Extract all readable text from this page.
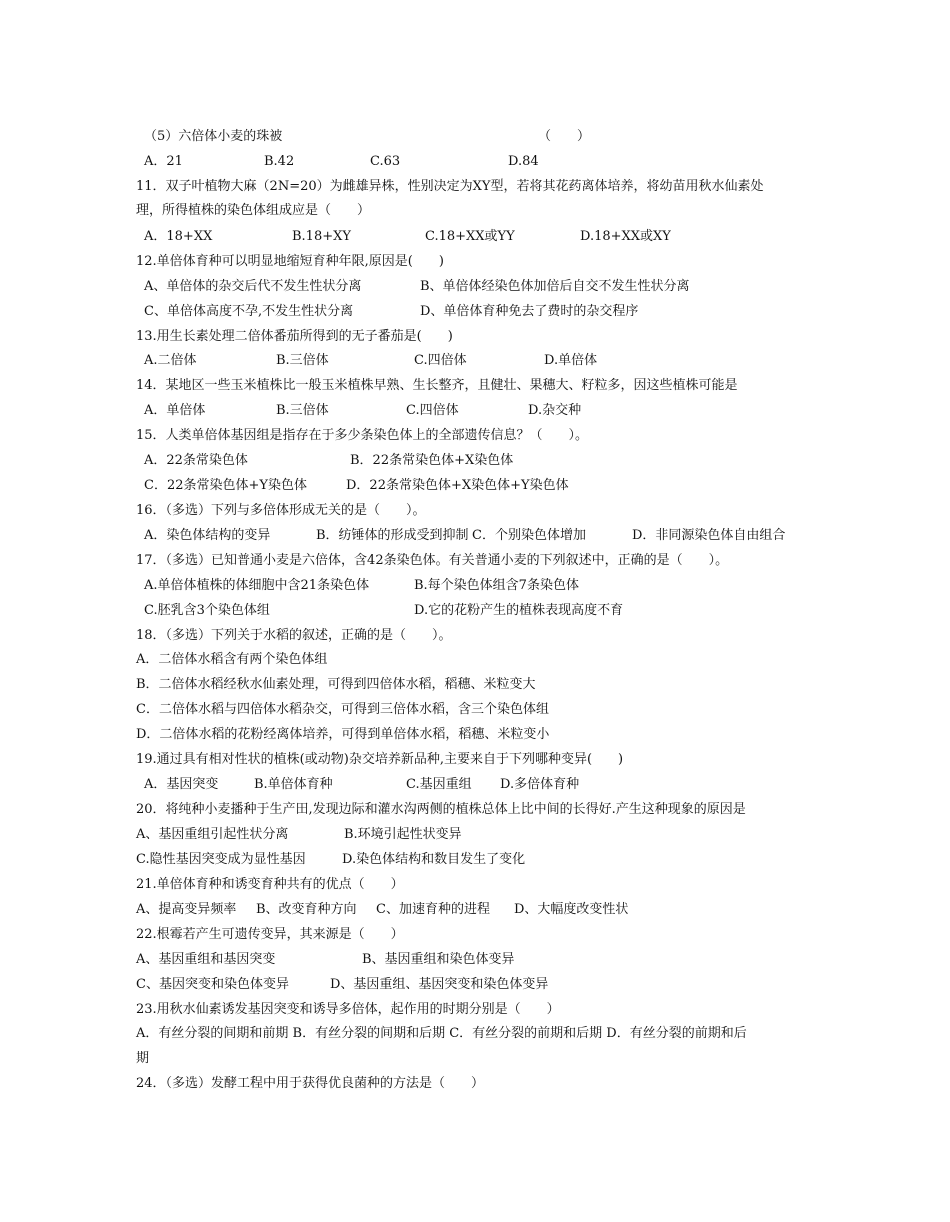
（5）六倍体小麦的珠被	（　　）
A．21	B.42	C.63	D.84
11．双子叶植物大麻（2N=20）为雌雄异株，性别决定为XY型，若将其花药离体培养，将幼苗用秋水仙素处
理，所得植株的染色体组成应是（　　）
A．18+XX	B.18+XY	C.18+XX或YY	D.18+XX或XY
12.单倍体育种可以明显地缩短育种年限,原因是(　　)
A、单倍体的杂交后代不发生性状分离	B、单倍体经染色体加倍后自交不发生性状分离
C、单倍体高度不孕,不发生性状分离	D、单倍体育种免去了费时的杂交程序
13.用生长素处理二倍体番茄所得到的无子番茄是(　　)
A.二倍体	B.三倍体	C.四倍体	D.单倍体
14．某地区一些玉米植株比一般玉米植株早熟、生长整齐，且健壮、果穗大、籽粒多，因这些植株可能是
A．单倍体	B.三倍体	C.四倍体	D.杂交种
15．人类单倍体基因组是指存在于多少条染色体上的全部遗传信息？（　　）。
A．22条常染色体	B．22条常染色体+X染色体
C．22条常染色体+Y染色体	D．22条常染色体+X染色体+Y染色体
16．（多选）下列与多倍体形成无关的是（　　）。
A．染色体结构的变异	B．纺锤体的形成受到抑制 C．个别染色体增加	D．非同源染色体自由组合
17．（多选）已知普通小麦是六倍体，含42条染色体。有关普通小麦的下列叙述中，正确的是（　　）。
A.单倍体植株的体细胞中含21条染色体	B.每个染色体组含7条染色体
C.胚乳含3个染色体组	D.它的花粉产生的植株表现高度不育
18．（多选）下列关于水稻的叙述，正确的是（　　）。
A．二倍体水稻含有两个染色体组
B．二倍体水稻经秋水仙素处理，可得到四倍体水稻，稻穗、米粒变大
C．二倍体水稻与四倍体水稻杂交，可得到三倍体水稻，含三个染色体组
D．二倍体水稻的花粉经离体培养，可得到单倍体水稻，稻穗、米粒变小
19.通过具有相对性状的植株(或动物)杂交培养新品种,主要来自于下列哪种变异(　　)
A．基因突变	B.单倍体育种	C.基因重组 D.多倍体育种
20．将纯种小麦播种于生产田,发现边际和灌水沟两侧的植株总体上比中间的长得好.产生这种现象的原因是
A、基因重组引起性状分离	B.环境引起性状变异
C.隐性基因突变成为显性基因	D.染色体结构和数目发生了变化
21.单倍体育种和诱变育种共有的优点（　　）
A、提高变异频率 B、改变育种方向 C、加速育种的进程 D、大幅度改变性状
22.根霉若产生可遗传变异，其来源是（　　）
A、基因重组和基因突变	B、基因重组和染色体变异
C、基因突变和染色体变异	D、基因重组、基因突变和染色体变异
23.用秋水仙素诱发基因突变和诱导多倍体，起作用的时期分别是（　　）
A．有丝分裂的间期和前期 B．有丝分裂的间期和后期 C．有丝分裂的前期和后期 D．有丝分裂的前期和后
期
24．（多选）发酵工程中用于获得优良菌种的方法是（　　）
